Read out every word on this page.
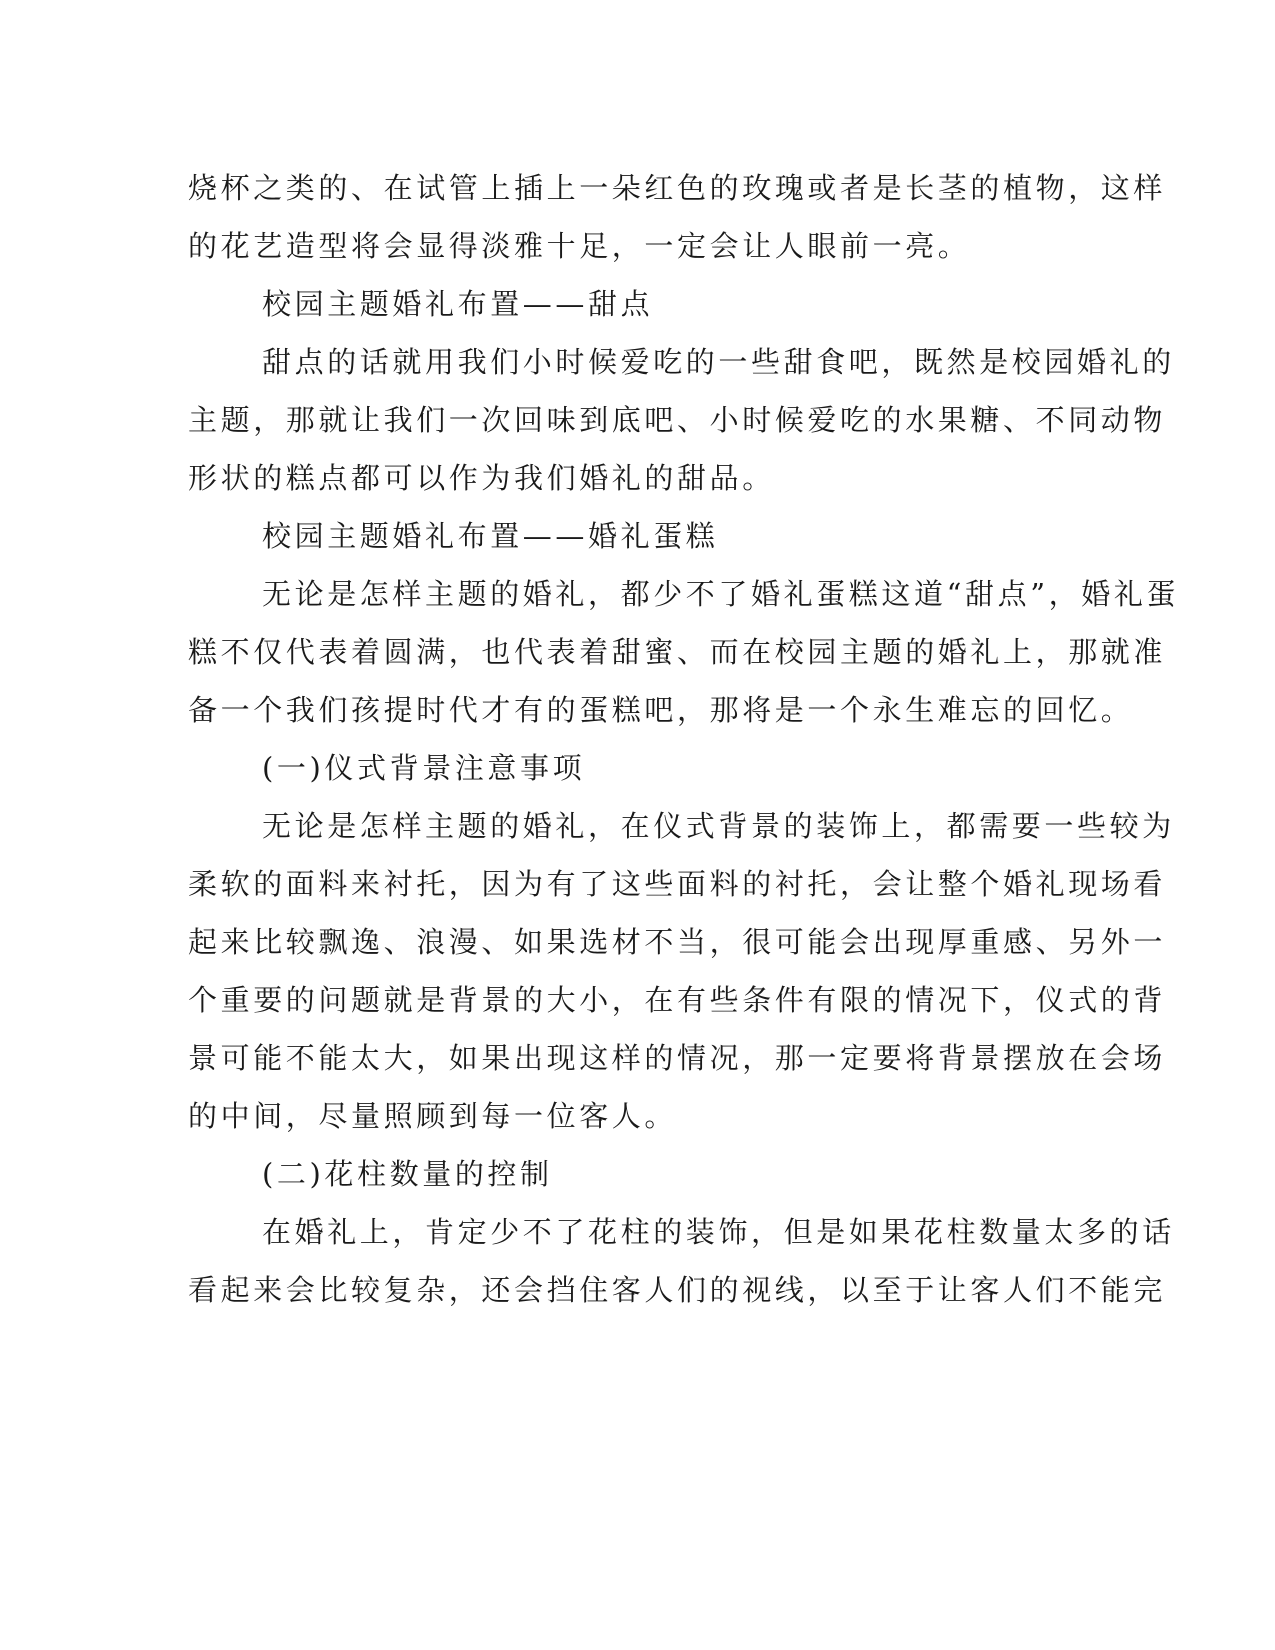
烧杯之类的、在试管上插上一朵红色的玫瑰或者是长茎的植物，这样
的花艺造型将会显得淡雅十足，一定会让人眼前一亮。
校园主题婚礼布置——甜点
甜点的话就用我们小时候爱吃的一些甜食吧，既然是校园婚礼的
主题，那就让我们一次回味到底吧、小时候爱吃的水果糖、不同动物
形状的糕点都可以作为我们婚礼的甜品。
校园主题婚礼布置——婚礼蛋糕
无论是怎样主题的婚礼，都少不了婚礼蛋糕这道“甜点”，婚礼蛋
糕不仅代表着圆满，也代表着甜蜜、而在校园主题的婚礼上，那就准
备一个我们孩提时代才有的蛋糕吧，那将是一个永生难忘的回忆。
(一)仪式背景注意事项
无论是怎样主题的婚礼，在仪式背景的装饰上，都需要一些较为
柔软的面料来衬托，因为有了这些面料的衬托，会让整个婚礼现场看
起来比较飘逸、浪漫、如果选材不当，很可能会出现厚重感、另外一
个重要的问题就是背景的大小，在有些条件有限的情况下，仪式的背
景可能不能太大，如果出现这样的情况，那一定要将背景摆放在会场
的中间，尽量照顾到每一位客人。
(二)花柱数量的控制
在婚礼上，肯定少不了花柱的装饰，但是如果花柱数量太多的话
看起来会比较复杂，还会挡住客人们的视线，以至于让客人们不能完
